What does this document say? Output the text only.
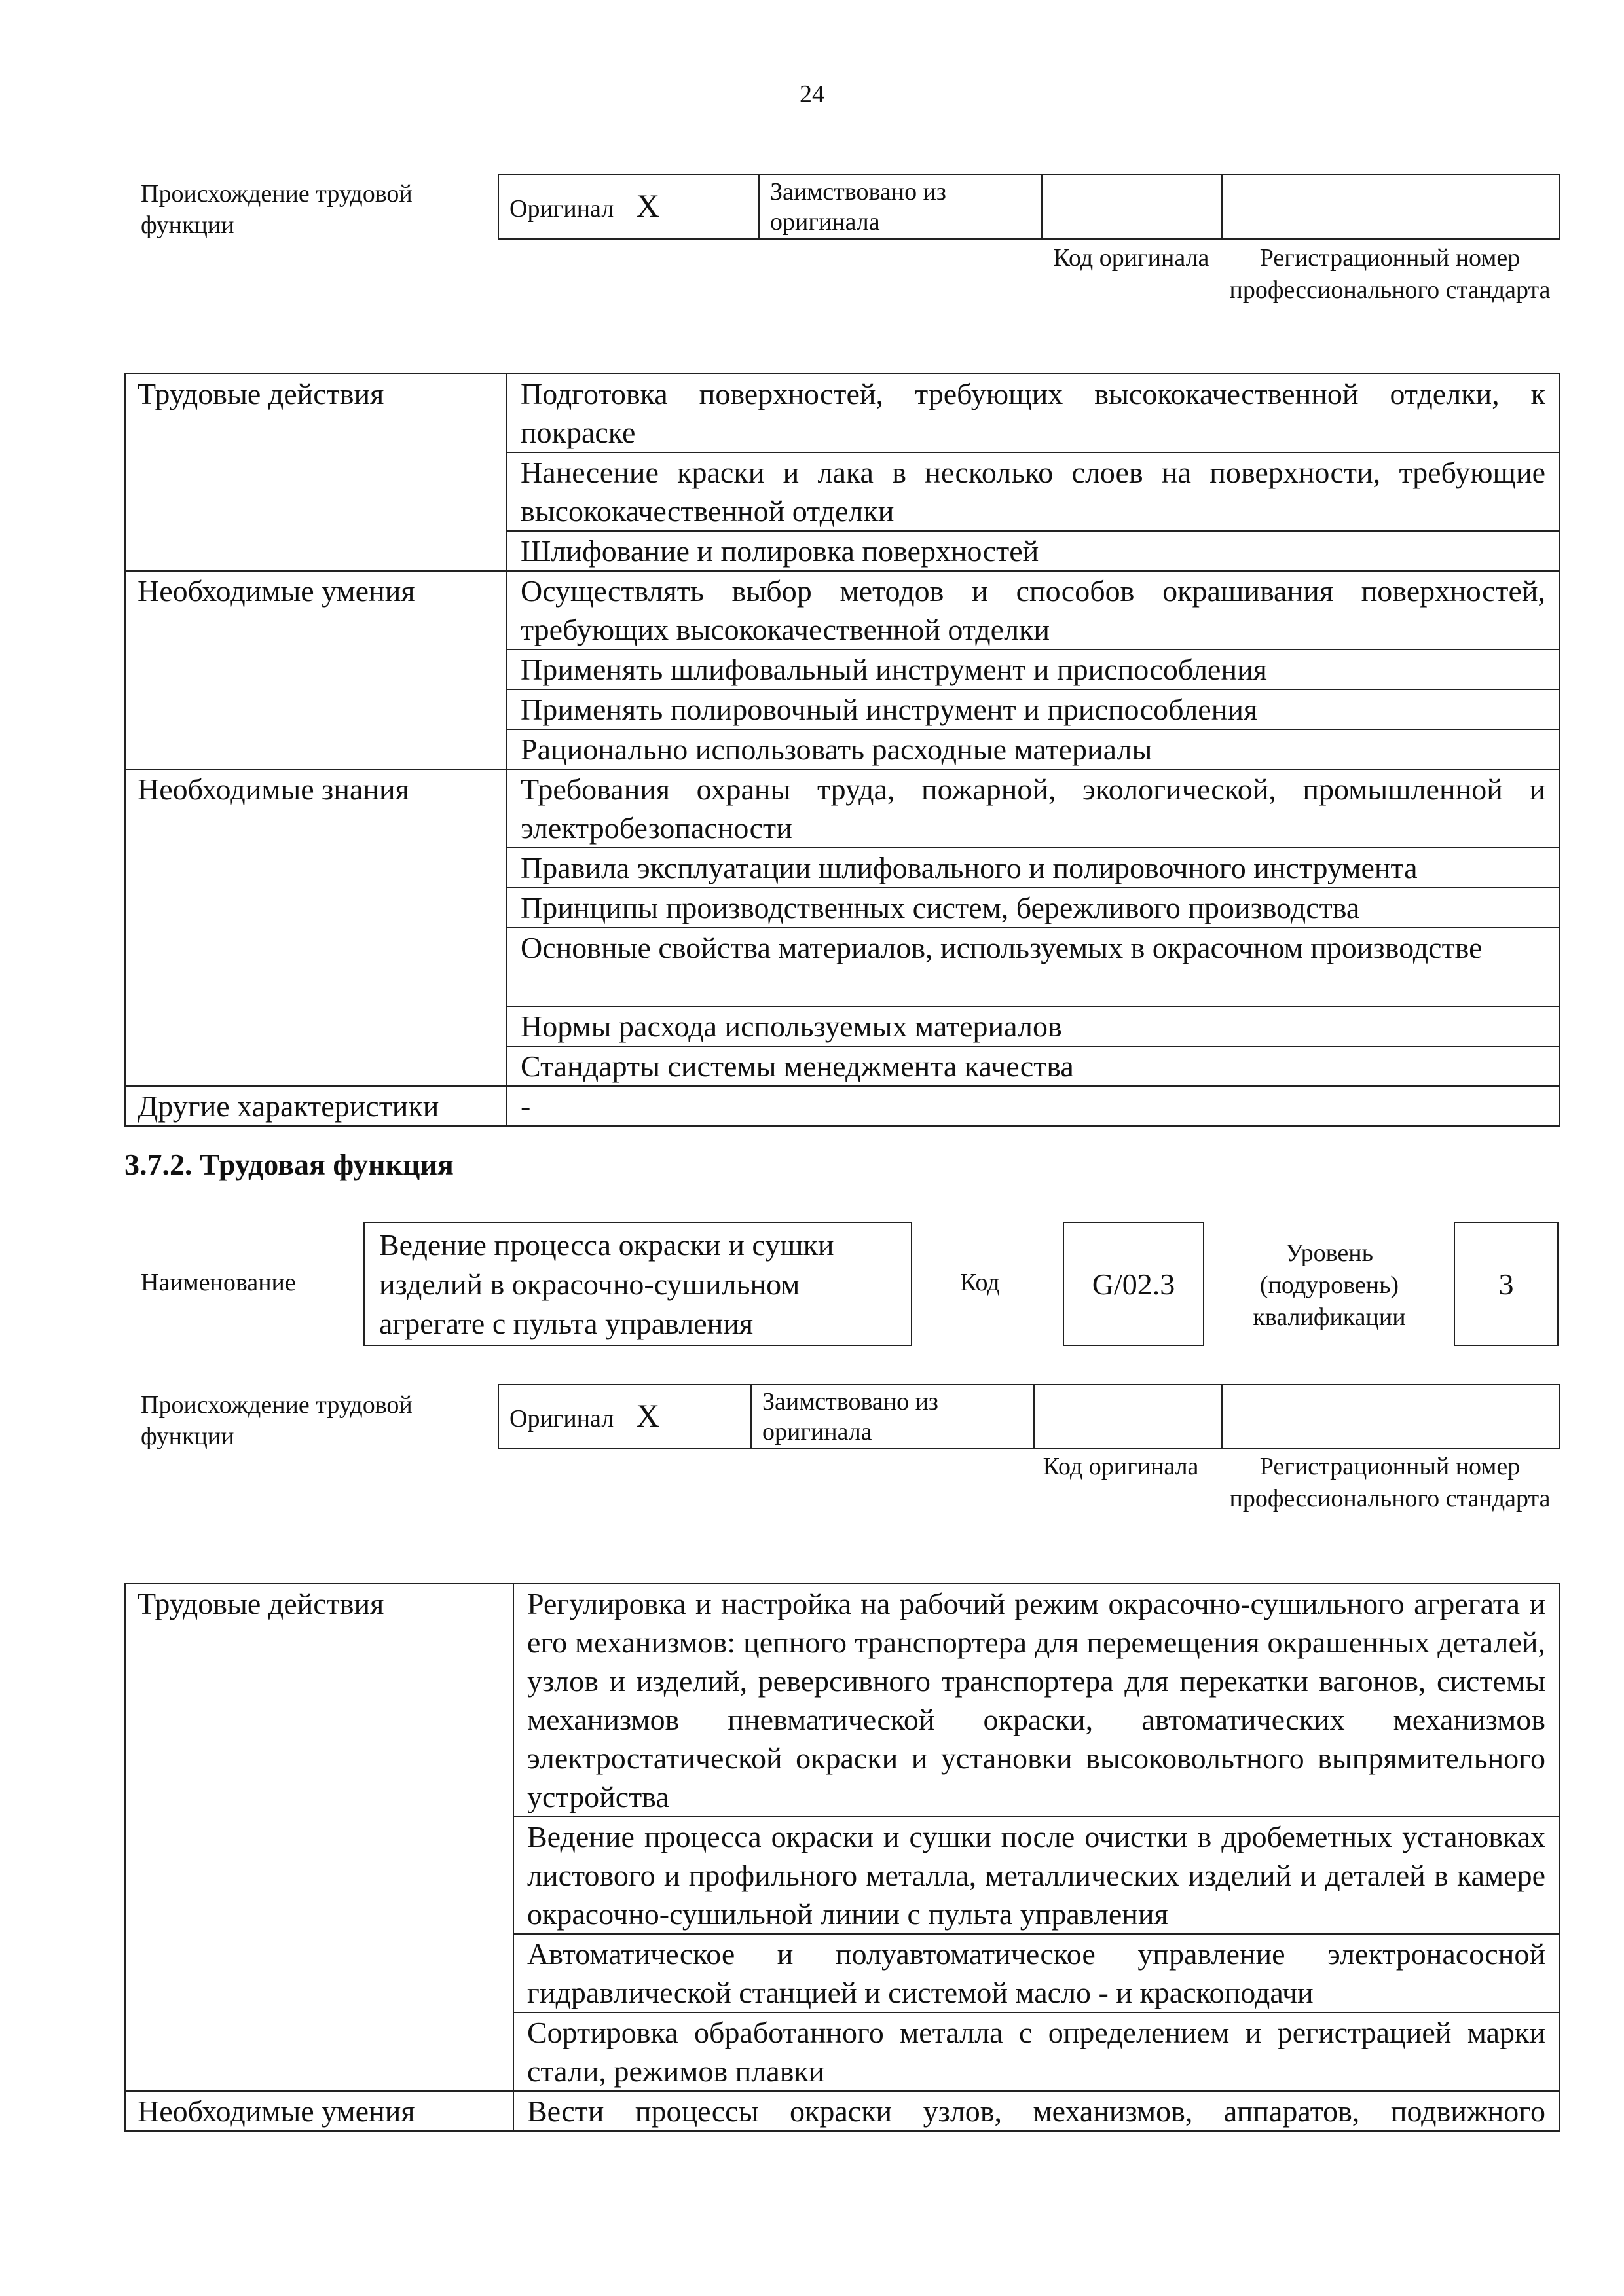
24
Происхождение трудовой функции
Оригинал X	Заимствовано из оригинала		
Код оригинала	Регистрационный номер профессионального стандарта
Трудовые действия	Подготовка поверхностей, требующих высококачественной отделки, к покраске
	Нанесение краски и лака в несколько слоев на поверхности, требующие высококачественной отделки
	Шлифование и полировка поверхностей
Необходимые умения	Осуществлять выбор методов и способов окрашивания поверхностей, требующих высококачественной отделки
	Применять шлифовальный инструмент и приспособления
	Применять полировочный инструмент и приспособления
	Рационально использовать расходные материалы
Необходимые знания	Требования охраны труда, пожарной, экологической, промышленной и электробезопасности
	Правила эксплуатации шлифовального и полировочного инструмента
	Принципы производственных систем, бережливого производства
	Основные свойства материалов, используемых в окрасочном производстве
	Нормы расхода используемых материалов
	Стандарты системы менеджмента качества
Другие характеристики	-
3.7.2. Трудовая функция
Наименование
Ведение процесса окраски и сушки изделий в окрасочно-сушильном агрегате с пульта управления
Код	G/02.3
Уровень (подуровень) квалификации
3
Происхождение трудовой функции
Оригинал X	Заимствовано из оригинала		
Код оригинала	Регистрационный номер профессионального стандарта
Трудовые действия	Регулировка и настройка на рабочий режим окрасочно-сушильного агрегата и его механизмов: цепного транспортера для перемещения окрашенных деталей, узлов и изделий, реверсивного транспортера для перекатки вагонов, системы механизмов пневматической окраски, автоматических механизмов электростатической окраски и установки высоковольтного выпрямительного устройства
	Ведение процесса окраски и сушки после очистки в дробеметных установках листового и профильного металла, металлических изделий и деталей в камере окрасочно-сушильной линии с пульта управления
	Автоматическое и полуавтоматическое управление электронасосной гидравлической станцией и системой масло - и краскоподачи
	Сортировка обработанного металла с определением и регистрацией марки стали, режимов плавки
Необходимые умения	Вести процессы окраски узлов, механизмов, аппаратов, подвижного
